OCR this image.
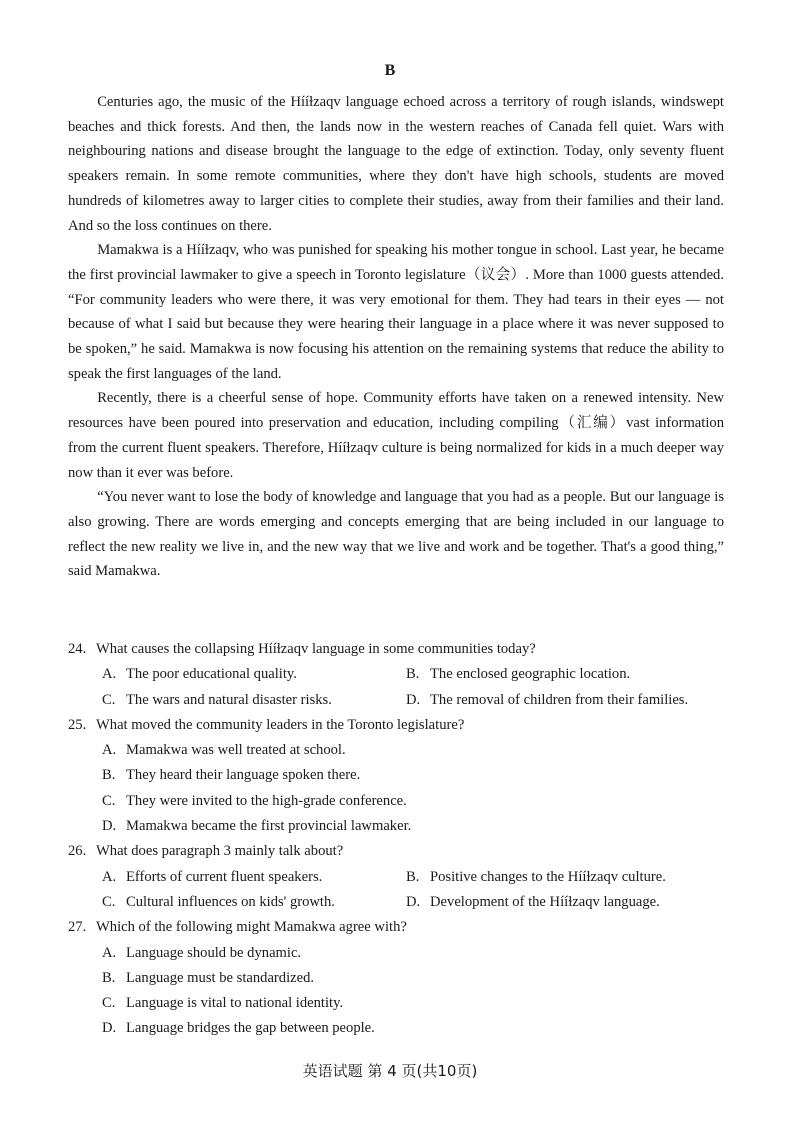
B

Centuries ago, the music of the Hííɫzaqv language echoed across a territory of rough islands, windswept beaches and thick forests. And then, the lands now in the western reaches of Canada fell quiet. Wars with neighbouring nations and disease brought the language to the edge of extinction. Today, only seventy fluent speakers remain. In some remote communities, where they don't have high schools, students are moved hundreds of kilometres away to larger cities to complete their studies, away from their families and their land. And so the loss continues on there.

Mamakwa is a Hííɫzaqv, who was punished for speaking his mother tongue in school. Last year, he became the first provincial lawmaker to give a speech in Toronto legislature（议会）. More than 1000 guests attended. “For community leaders who were there, it was very emotional for them. They had tears in their eyes — not because of what I said but because they were hearing their language in a place where it was never supposed to be spoken,” he said. Mamakwa is now focusing his attention on the remaining systems that reduce the ability to speak the first languages of the land.

Recently, there is a cheerful sense of hope. Community efforts have taken on a renewed intensity. New resources have been poured into preservation and education, including compiling（汇编）vast information from the current fluent speakers. Therefore, Hííɫzaqv culture is being normalized for kids in a much deeper way now than it ever was before.

“You never want to lose the body of knowledge and language that you had as a people. But our language is also growing. There are words emerging and concepts emerging that are being included in our language to reflect the new reality we live in, and the new way that we live and work and be together. That's a good thing,” said Mamakwa.

24. What causes the collapsing Hííɫzaqv language in some communities today?
A. The poor educational quality.	B. The enclosed geographic location.
C. The wars and natural disaster risks.	D. The removal of children from their families.
25. What moved the community leaders in the Toronto legislature?
A. Mamakwa was well treated at school.
B. They heard their language spoken there.
C. They were invited to the high-grade conference.
D. Mamakwa became the first provincial lawmaker.
26. What does paragraph 3 mainly talk about?
A. Efforts of current fluent speakers.	B. Positive changes to the Hííɫzaqv culture.
C. Cultural influences on kids' growth.	D. Development of the Hííɫzaqv language.
27. Which of the following might Mamakwa agree with?
A. Language should be dynamic.
B. Language must be standardized.
C. Language is vital to national identity.
D. Language bridges the gap between people.
英语试题 第 4 页(共10页)
